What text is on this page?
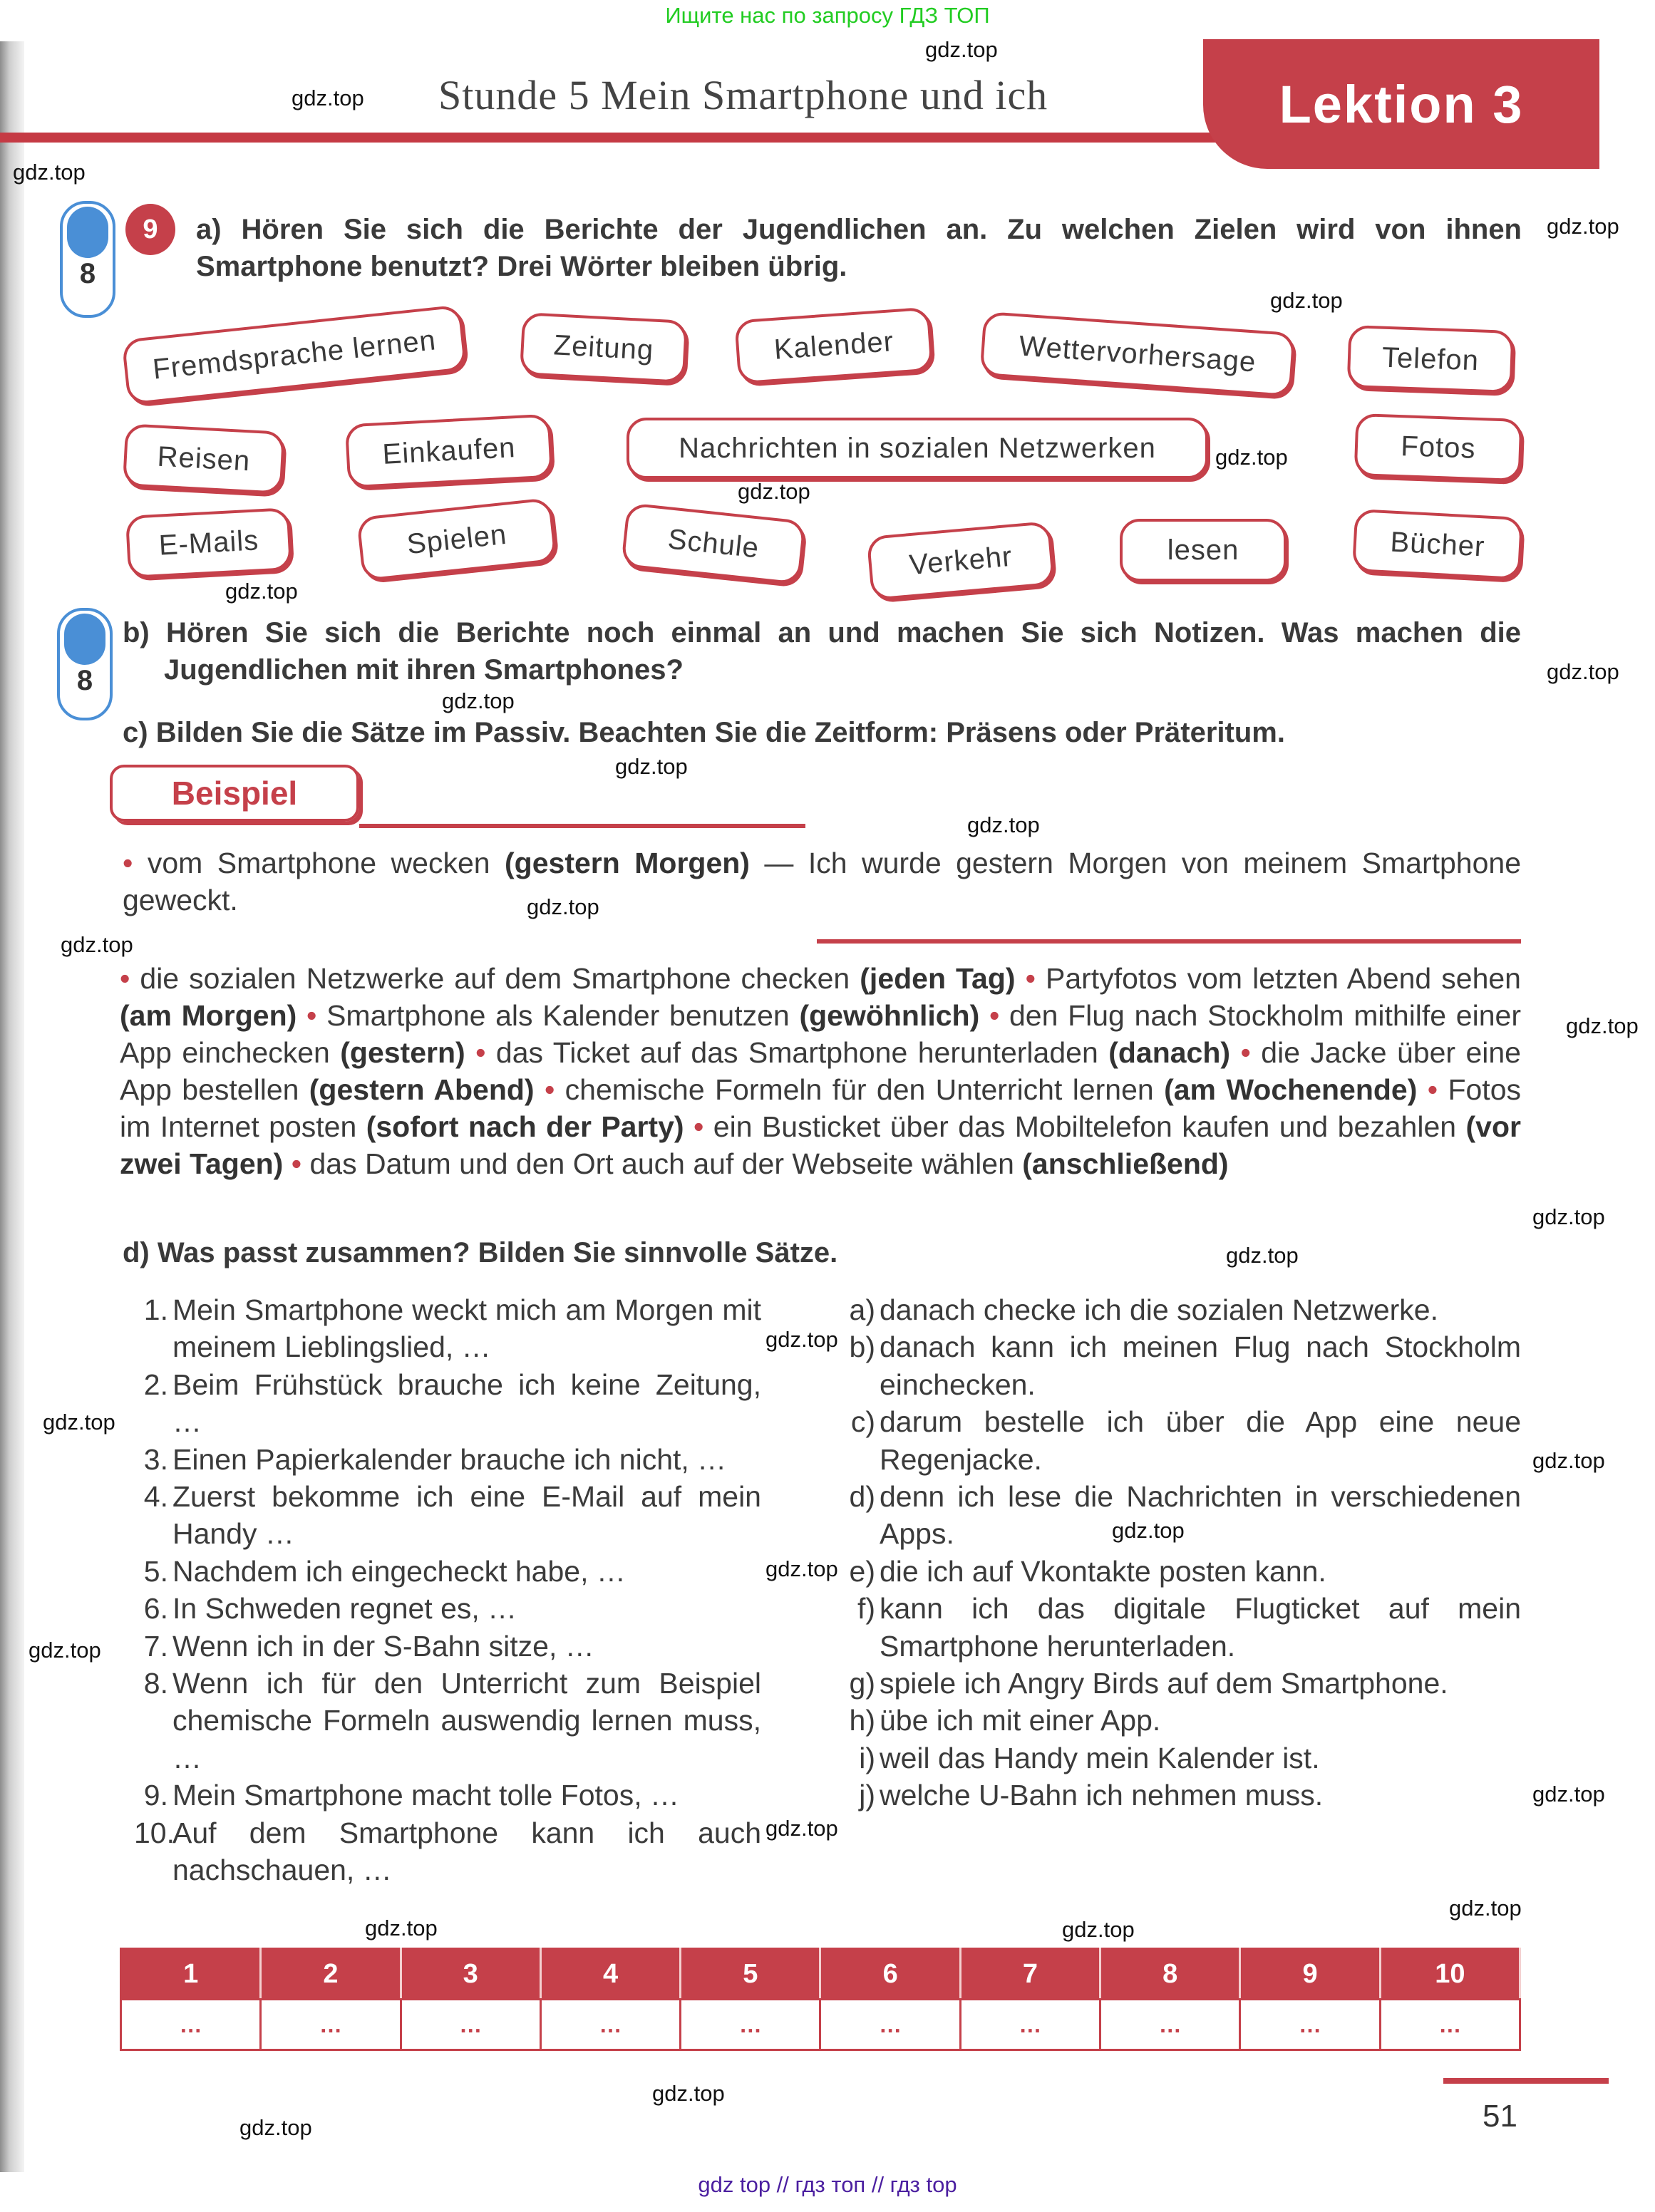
Ищите нас по запросу ГДЗ ТОП
Stunde 5 Mein Smartphone und ich	Lektion 3
8
9	a) Hören Sie sich die Berichte der Jugendlichen an. Zu welchen Zielen wird von ihnen Smartphone benutzt? Drei Wörter bleiben übrig.
Fremdsprache lernen	Zeitung	Kalender	Wettervorhersage	Telefon
Reisen	Einkaufen	Nachrichten in sozialen Netzwerken	Fotos
E-Mails	Spielen	Schule	Verkehr	lesen	Bücher
8
b) Hören Sie sich die Berichte noch einmal an und machen Sie sich Notizen. Was machen die Jugendlichen mit ihren Smartphones?
c) Bilden Sie die Sätze im Passiv. Beachten Sie die Zeitform: Präsens oder Präteritum.
Beispiel
• vom Smartphone wecken (gestern Morgen) — Ich wurde gestern Morgen von meinem Smartphone geweckt.
• die sozialen Netzwerke auf dem Smartphone checken (jeden Tag) • Partyfotos vom letzten Abend sehen (am Morgen) • Smartphone als Kalender benutzen (gewöhnlich) • den Flug nach Stockholm mithilfe einer App einchecken (gestern) • das Ticket auf das Smartphone herunterladen (danach) • die Jacke über eine App bestellen (gestern Abend) • chemische Formeln für den Unterricht lernen (am Wochenende) • Fotos im Internet posten (sofort nach der Party) • ein Busticket über das Mobiltelefon kaufen und bezahlen (vor zwei Tagen) • das Datum und den Ort auch auf der Webseite wählen (anschließend)
d) Was passt zusammen? Bilden Sie sinnvolle Sätze.
1. Mein Smartphone weckt mich am Morgen mit meinem Lieblingslied, …
2. Beim Frühstück brauche ich keine Zeitung, …
3. Einen Papierkalender brauche ich nicht, …
4. Zuerst bekomme ich eine E-Mail auf mein Handy …
5. Nachdem ich eingecheckt habe, …
6. In Schweden regnet es, …
7. Wenn ich in der S-Bahn sitze, …
8. Wenn ich für den Unterricht zum Beispiel chemische Formeln auswendig lernen muss, …
9. Mein Smartphone macht tolle Fotos, …
10.
Auf dem Smartphone kann ich auch nachschauen, …
a) danach checke ich die sozialen Netzwerke.
b) danach kann ich meinen Flug nach Stockholm einchecken.
c) darum bestelle ich über die App eine neue Regenjacke.
d) denn ich lese die Nachrichten in verschiedenen Apps.
e) die ich auf Vkontakte posten kann.
f) kann ich das digitale Flugticket auf mein Smartphone herunterladen.
g) spiele ich Angry Birds auf dem Smartphone.
h) übe ich mit einer App.
i) weil das Handy mein Kalender ist.
j) welche U-Bahn ich nehmen muss.
1	2	3	4	5	6	7	8	9	10
…	…	…	…	…	…	…	…	…	…
51
gdz.top
gdz.top
gdz.top
gdz.top
gdz.top
gdz.top
gdz.top
gdz.top
gdz.top
gdz.top
gdz.top
gdz.top
gdz.top
gdz.top
gdz.top
gdz.top
gdz.top
gdz.top
gdz.top
gdz.top
gdz.top
gdz.top
gdz.top
gdz.top
gdz.top
gdz.top
gdz.top	gdz.top
gdz.top
gdz.top
gdz top // гдз топ // гдз top
